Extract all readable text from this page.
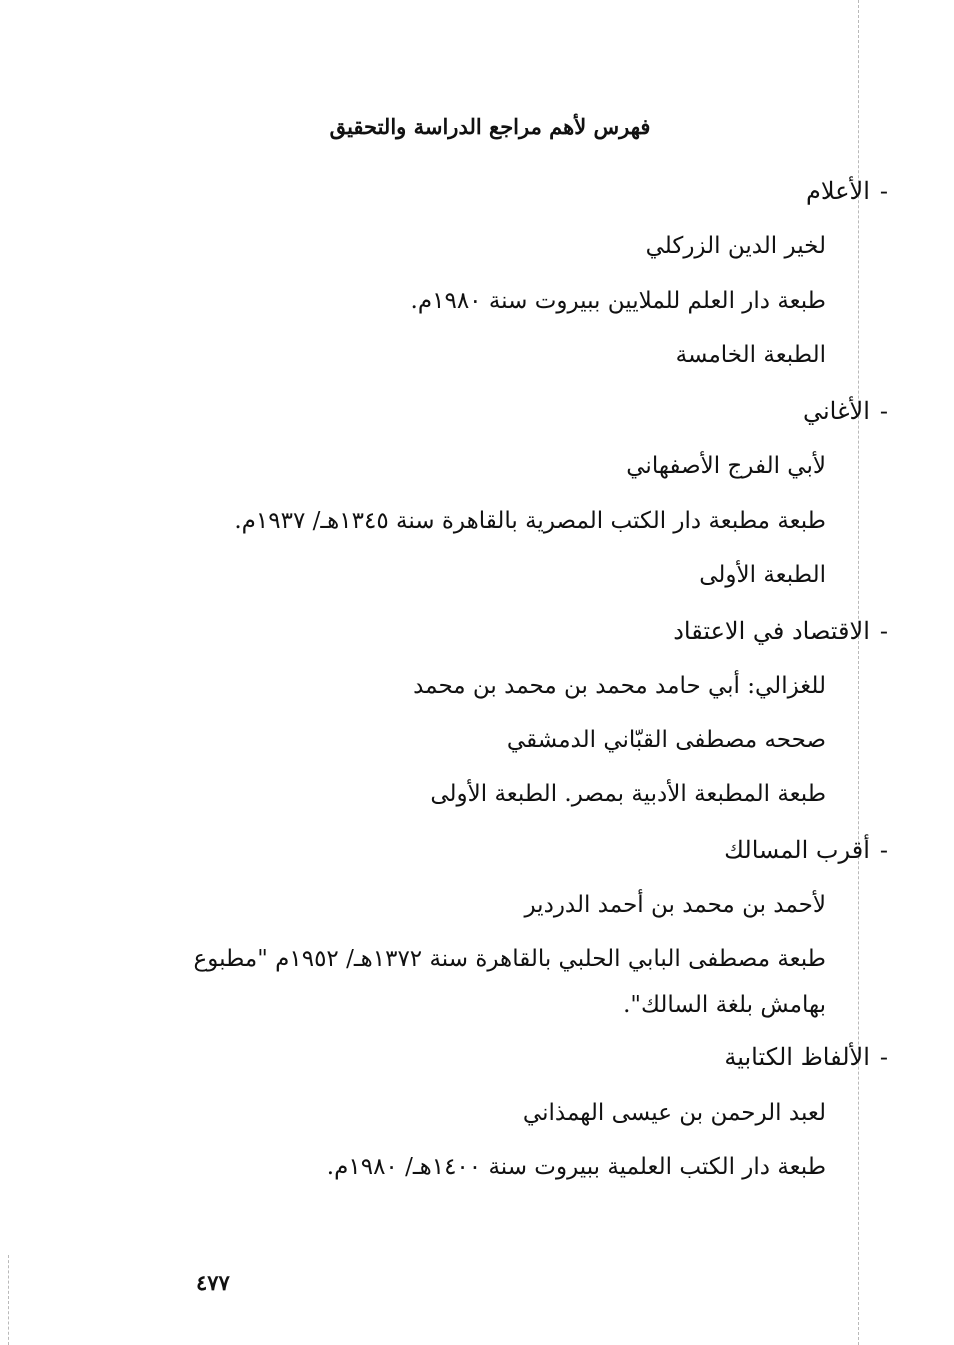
فهرس لأهم مراجع الدراسة والتحقيق
-الأعلام
لخير الدين الزركلي
طبعة دار العلم للملايين ببيروت سنة ١٩٨٠م.
الطبعة الخامسة
-الأغاني
لأبي الفرج الأصفهاني
طبعة مطبعة دار الكتب المصرية بالقاهرة سنة ١٣٤٥هـ/ ١٩٣٧م.
الطبعة الأولى
-الاقتصاد في الاعتقاد
للغزالي: أبي حامد محمد بن محمد بن محمد
صححه مصطفى القبّاني الدمشقي
طبعة المطبعة الأدبية بمصر. الطبعة الأولى
-أقرب المسالك
لأحمد بن محمد بن أحمد الدردير
طبعة مصطفى البابي الحلبي بالقاهرة سنة ١٣٧٢هـ/ ١٩٥٢م "مطبوع
بهامش بلغة السالك".
-الألفاظ الكتابية
لعبد الرحمن بن عيسى الهمذاني
طبعة دار الكتب العلمية ببيروت سنة ١٤٠٠هـ/ ١٩٨٠م.
٤٧٧
